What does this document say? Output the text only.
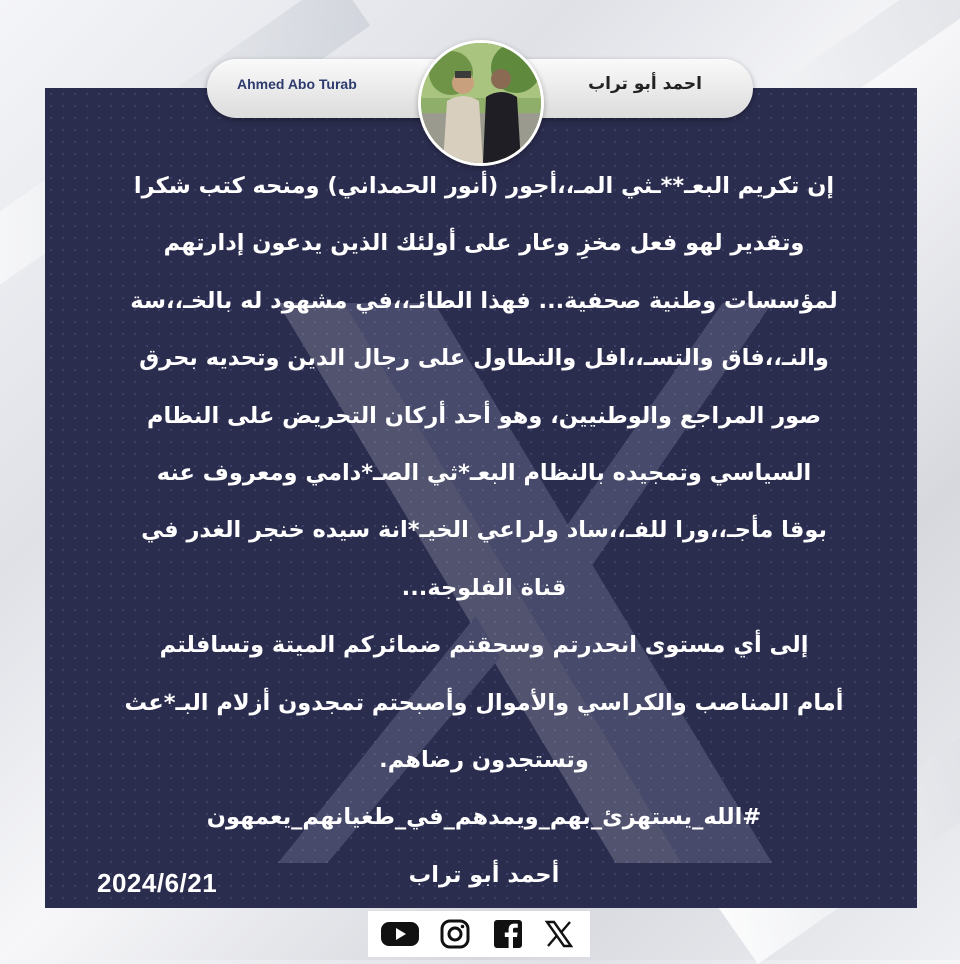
Ahmed Abo Turab	احمد أبو تراب
إن تكريم البعـ**ـثي المـ،،أجور (أنور الحمداني) ومنحه كتب شكرا
وتقدير لهو فعل مخزِ وعار على أولئك الذين يدعون إدارتهم
لمؤسسات وطنية صحفية... فهذا الطائـ،،في مشهود له بالخـ،،سة
والنـ،،فاق والتسـ،،افل والتطاول على رجال الدين وتحديه بحرق
صور المراجع والوطنيين، وهو أحد أركان التحريض على النظام
السياسي وتمجيده بالنظام البعـ*ثي الصـ*دامي ومعروف عنه
بوقا مأجـ،،ورا للفـ،،ساد ولراعي الخيـ*انة سيده خنجر الغدر في
قناة الفلوجة...
إلى أي مستوى انحدرتم وسحقتم ضمائركم الميتة وتسافلتم
أمام المناصب والكراسي والأموال وأصبحتم تمجدون أزلام البـ*عث
وتستجدون رضاهم.
#الله_يستهزئ_بهم_ويمدهم_في_طغيانهم_يعمهون
أحمد أبو تراب
2024/6/21
